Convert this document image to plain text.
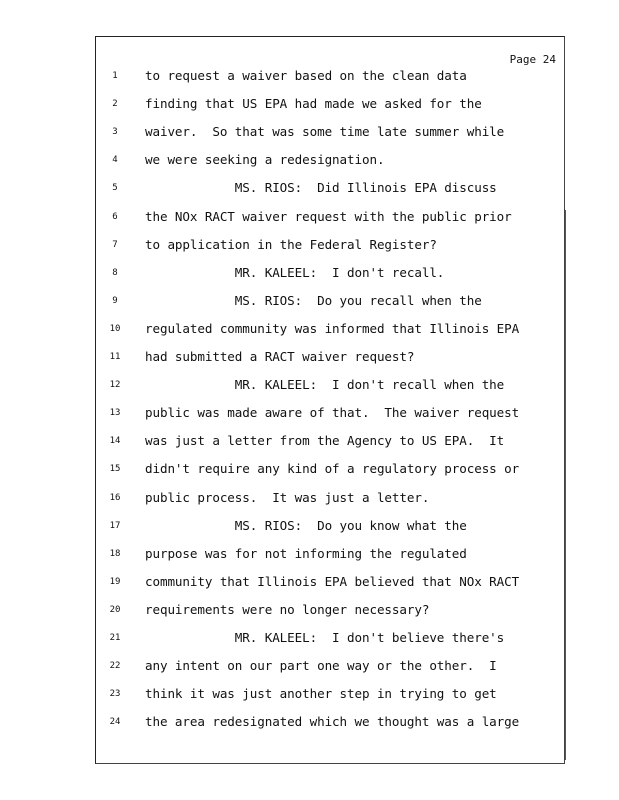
Page 24
1	to request a waiver based on the clean data
2	finding that US EPA had made we asked for the
3	waiver.  So that was some time late summer while
4	we were seeking a redesignation.
5	MS. RIOS:  Did Illinois EPA discuss
6	the NOx RACT waiver request with the public prior
7	to application in the Federal Register?
8	MR. KALEEL:  I don't recall.
9	MS. RIOS:  Do you recall when the
10	regulated community was informed that Illinois EPA
11	had submitted a RACT waiver request?
12	MR. KALEEL:  I don't recall when the
13	public was made aware of that.  The waiver request
14	was just a letter from the Agency to US EPA.  It
15	didn't require any kind of a regulatory process or
16	public process.  It was just a letter.
17	MS. RIOS:  Do you know what the
18	purpose was for not informing the regulated
19	community that Illinois EPA believed that NOx RACT
20	requirements were no longer necessary?
21	MR. KALEEL:  I don't believe there's
22	any intent on our part one way or the other.  I
23	think it was just another step in trying to get
24	the area redesignated which we thought was a large
